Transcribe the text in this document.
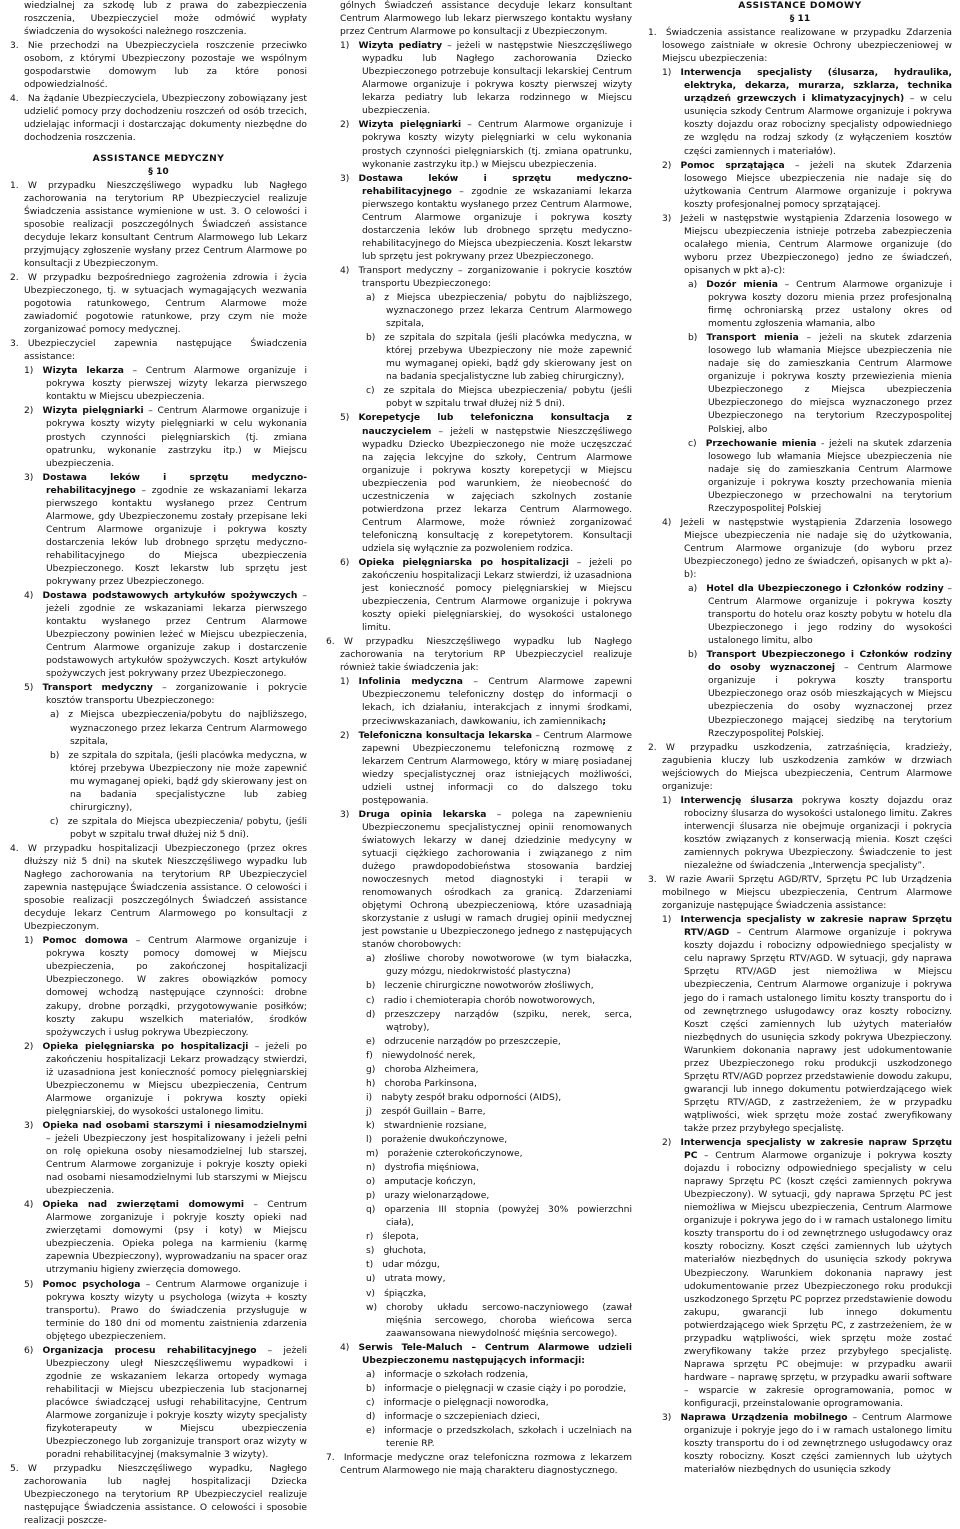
wiedzialnej za szkodę lub z prawa do zabezpieczenia roszczenia, Ubezpieczyciel może odmówić wypłaty świadczenia do wysokości należnego roszczenia.

3. Nie przechodzi na Ubezpieczyciela roszczenie przeciwko osobom, z którymi Ubezpieczony pozostaje we wspólnym gospodarstwie domowym lub za które ponosi odpowiedzialność.

4. Na żądanie Ubezpieczyciela, Ubezpieczony zobowiązany jest udzielić pomocy przy dochodzeniu roszczeń od osób trzecich, udzielając informacji i dostarczając dokumenty niezbędne do dochodzenia roszczenia.

ASSISTANCE MEDYCZNY

§ 10

1. W przypadku Nieszczęśliwego wypadku lub Nagłego zachorowania na terytorium RP Ubezpieczyciel realizuje Świadczenia assistance wymienione w ust. 3. O celowości i sposobie realizacji poszczególnych Świadczeń assistance decyduje lekarz konsultant Centrum Alarmowego lub Lekarz przyjmujący zgłoszenie wysłany przez Centrum Alarmowe po konsultacji z Ubezpieczonym.

2. W przypadku bezpośredniego zagrożenia zdrowia i życia Ubezpieczonego, tj. w sytuacjach wymagających wezwania pogotowia ratunkowego, Centrum Alarmowe może zawiadomić pogotowie ratunkowe, przy czym nie może zorganizować pomocy medycznej.

3. Ubezpieczyciel zapewnia następujące Świadczenia assistance:

1) Wizyta lekarza – Centrum Alarmowe organizuje i pokrywa koszty pierwszej wizyty lekarza pierwszego kontaktu w Miejscu ubezpieczenia.

2) Wizyta pielęgniarki – Centrum Alarmowe organizuje i pokrywa koszty wizyty pielęgniarki w celu wykonania prostych czynności pielęgniarskich (tj. zmiana opatrunku, wykonanie zastrzyku itp.) w Miejscu ubezpieczenia.

3) Dostawa leków i sprzętu medyczno-rehabilitacyjnego – zgodnie ze wskazaniami lekarza pierwszego kontaktu wysłanego przez Centrum Alarmowe, gdy Ubezpieczonemu zostały przepisane leki Centrum Alarmowe organizuje i pokrywa koszty dostarczenia leków lub drobnego sprzętu medyczno-rehabilitacyjnego do Miejsca ubezpieczenia Ubezpieczonego. Koszt lekarstw lub sprzętu jest pokrywany przez Ubezpieczonego.

4) Dostawa podstawowych artykułów spożywczych – jeżeli zgodnie ze wskazaniami lekarza pierwszego kontaktu wysłanego przez Centrum Alarmowe Ubezpieczony powinien leżeć w Miejscu ubezpieczenia, Centrum Alarmowe organizuje zakup i dostarczenie podstawowych artykułów spożywczych. Koszt artykułów spożywczych jest pokrywany przez Ubezpieczonego.

5) Transport medyczny – zorganizowanie i pokrycie kosztów transportu Ubezpieczonego:

a) z Miejsca ubezpieczenia/pobytu do najbliższego, wyznaczonego przez lekarza Centrum Alarmowego szpitala,

b) ze szpitala do szpitala, (jeśli placówka medyczna, w której przebywa Ubezpieczony nie może zapewnić mu wymaganej opieki, bądź gdy skierowany jest on na badania specjalistyczne lub zabieg chirurgiczny),

c) ze szpitala do Miejsca ubezpieczenia/ pobytu, (jeśli pobyt w szpitalu trwał dłużej niż 5 dni).

4. W przypadku hospitalizacji Ubezpieczonego (przez okres dłuższy niż 5 dni) na skutek Nieszczęśliwego wypadku lub Nagłego zachorowania na terytorium RP Ubezpieczyciel zapewnia następujące Świadczenia assistance. O celowości i sposobie realizacji poszczególnych Świadczeń assistance decyduje lekarz Centrum Alarmowego po konsultacji z Ubezpieczonym.

1) Pomoc domowa – Centrum Alarmowe organizuje i pokrywa koszty pomocy domowej w Miejscu ubezpieczenia, po zakończonej hospitalizacji Ubezpieczonego. W zakres obowiązków pomocy domowej wchodzą następujące czynności: drobne zakupy, drobne porządki, przygotowywanie posiłków; koszty zakupu wszelkich materiałów, środków spożywczych i usług pokrywa Ubezpieczony.

2) Opieka pielęgniarska po hospitalizacji – jeżeli po zakończeniu hospitalizacji Lekarz prowadzący stwierdzi, iż uzasadniona jest konieczność pomocy pielęgniarskiej Ubezpieczonemu w Miejscu ubezpieczenia, Centrum Alarmowe organizuje i pokrywa koszty opieki pielęgniarskiej, do wysokości ustalonego limitu.

3) Opieka nad osobami starszymi i niesamodzielnymi – jeżeli Ubezpieczony jest hospitalizowany i jeżeli pełni on rolę opiekuna osoby niesamodzielnej lub starszej, Centrum Alarmowe zorganizuje i pokryje koszty opieki nad osobami niesamodzielnymi lub starszymi w Miejscu ubezpieczenia.

4) Opieka nad zwierzętami domowymi – Centrum Alarmowe zorganizuje i pokryje koszty opieki nad zwierzętami domowymi (psy i koty) w Miejscu ubezpieczenia. Opieka polega na karmieniu (karmę zapewnia Ubezpieczony), wyprowadzaniu na spacer oraz utrzymaniu higieny zwierzęcia domowego.

5) Pomoc psychologa – Centrum Alarmowe organizuje i pokrywa koszty wizyty u psychologa (wizyta + koszty transportu). Prawo do świadczenia przysługuje w terminie do 180 dni od momentu zaistnienia zdarzenia objętego ubezpieczeniem.

6) Organizacja procesu rehabilitacyjnego – jeżeli Ubezpieczony uległ Nieszczęśliwemu wypadkowi i zgodnie ze wskazaniem lekarza ortopedy wymaga rehabilitacji w Miejscu ubezpieczenia lub stacjonarnej placówce świadczącej usługi rehabilitacyjne, Centrum Alarmowe zorganizuje i pokryje koszty wizyty specjalisty fizykoterapeuty w Miejscu ubezpieczenia Ubezpieczonego lub zorganizuje transport oraz wizyty w poradni rehabilitacyjnej (maksymalnie 3 wizyty).

5. W przypadku Nieszczęśliwego wypadku, Nagłego zachorowania lub nagłej hospitalizacji Dziecka Ubezpieczonego na terytorium RP Ubezpieczyciel realizuje następujące Świadczenia assistance. O celowości i sposobie realizacji poszcze-

gólnych Świadczeń assistance decyduje lekarz konsultant Centrum Alarmowego lub lekarz pierwszego kontaktu wysłany przez Centrum Alarmowe po konsultacji z Ubezpieczonym.

1) Wizyta pediatry – jeżeli w następstwie Nieszczęśliwego wypadku lub Nagłego zachorowania Dziecko Ubezpieczonego potrzebuje konsultacji lekarskiej Centrum Alarmowe organizuje i pokrywa koszty pierwszej wizyty lekarza pediatry lub lekarza rodzinnego w Miejscu ubezpieczenia.

2) Wizyta pielęgniarki – Centrum Alarmowe organizuje i pokrywa koszty wizyty pielęgniarki w celu wykonania prostych czynności pielęgniarskich (tj. zmiana opatrunku, wykonanie zastrzyku itp.) w Miejscu ubezpieczenia.

3) Dostawa leków i sprzętu medyczno-rehabilitacyjnego – zgodnie ze wskazaniami lekarza pierwszego kontaktu wysłanego przez Centrum Alarmowe, Centrum Alarmowe organizuje i pokrywa koszty dostarczenia leków lub drobnego sprzętu medyczno-rehabilitacyjnego do Miejsca ubezpieczenia. Koszt lekarstw lub sprzętu jest pokrywany przez Ubezpieczonego.

4) Transport medyczny – zorganizowanie i pokrycie kosztów transportu Ubezpieczonego:

a) z Miejsca ubezpieczenia/ pobytu do najbliższego, wyznaczonego przez lekarza Centrum Alarmowego szpitala,

b) ze szpitala do szpitala (jeśli placówka medyczna, w której przebywa Ubezpieczony nie może zapewnić mu wymaganej opieki, bądź gdy skierowany jest on na badania specjalistyczne lub zabieg chirurgiczny),

c) ze szpitala do Miejsca ubezpieczenia/ pobytu (jeśli pobyt w szpitalu trwał dłużej niż 5 dni).

5) Korepetycje lub telefoniczna konsultacja z nauczycielem – jeżeli w następstwie Nieszczęśliwego wypadku Dziecko Ubezpieczonego nie może uczęszczać na zajęcia lekcyjne do szkoły, Centrum Alarmowe organizuje i pokrywa koszty korepetycji w Miejscu ubezpieczenia pod warunkiem, że nieobecność do uczestniczenia w zajęciach szkolnych zostanie potwierdzona przez lekarza Centrum Alarmowego. Centrum Alarmowe, może również zorganizować telefoniczną konsultację z korepetytorem. Konsultacji udziela się wyłącznie za pozwoleniem rodzica.

6) Opieka pielęgniarska po hospitalizacji – jeżeli po zakończeniu hospitalizacji Lekarz stwierdzi, iż uzasadniona jest konieczność pomocy pielęgniarskiej w Miejscu ubezpieczenia, Centrum Alarmowe organizuje i pokrywa koszty opieki pielęgniarskiej, do wysokości ustalonego limitu.

6. W przypadku Nieszczęśliwego wypadku lub Nagłego zachorowania na terytorium RP Ubezpieczyciel realizuje również takie świadczenia jak:

1) Infolinia medyczna – Centrum Alarmowe zapewni Ubezpieczonemu telefoniczny dostęp do informacji o lekach, ich działaniu, interakcjach z innymi środkami, przeciwwskazaniach, dawkowaniu, ich zamiennikach;

2) Telefoniczna konsultacja lekarska – Centrum Alarmowe zapewni Ubezpieczonemu telefoniczną rozmowę z lekarzem Centrum Alarmowego, który w miarę posiadanej wiedzy specjalistycznej oraz istniejących możliwości, udzieli ustnej informacji co do dalszego toku postępowania.

3) Druga opinia lekarska – polega na zapewnieniu Ubezpieczonemu specjalistycznej opinii renomowanych światowych lekarzy w danej dziedzinie medycyny w sytuacji ciężkiego zachorowania i związanego z nim dużego prawdopodobieństwa stosowania bardziej nowoczesnych metod diagnostyki i terapii w renomowanych ośrodkach za granicą. Zdarzeniami objętymi Ochroną ubezpieczeniową, które uzasadniają skorzystanie z usługi w ramach drugiej opinii medycznej jest powstanie u Ubezpieczonego jednego z następujących stanów chorobowych:

a) złośliwe choroby nowotworowe (w tym białaczka, guzy mózgu, niedokrwistość plastyczna)

b) leczenie chirurgiczne nowotworów złośliwych,

c) radio i chemioterapia chorób nowotworowych,

d) przeszczepy narządów (szpiku, nerek, serca, wątroby),

e) odrzucenie narządów po przeszczepie,

f) niewydolność nerek,

g) choroba Alzheimera,

h) choroba Parkinsona,

i) nabyty zespół braku odporności (AIDS),

j) zespół Guillain – Barre,

k) stwardnienie rozsiane,

l) porażenie dwukończynowe,

m) porażenie czterokończynowe,

n) dystrofia mięśniowa,

o) amputacje kończyn,

p) urazy wielonarządowe,

q) oparzenia III stopnia (powyżej 30% powierzchni ciała),

r) ślepota,

s) głuchota,

t) udar mózgu,

u) utrata mowy,

v) śpiączka,

w) choroby układu sercowo-naczyniowego (zawał mięśnia sercowego, choroba wieńcowa serca zaawansowana niewydolność mięśnia sercowego).

4) Serwis Tele-Maluch – Centrum Alarmowe udzieli Ubezpieczonemu następujących informacji:

a) informacje o szkołach rodzenia,

b) informacje o pielęgnacji w czasie ciąży i po porodzie,

c) informacje o pielęgnacji noworodka,

d) informacje o szczepieniach dzieci,

e) informacje o przedszkolach, szkołach i uczelniach na terenie RP.

7. Informacje medyczne oraz telefoniczna rozmowa z lekarzem Centrum Alarmowego nie mają charakteru diagnostycznego.

ASSISTANCE DOMOWY

§ 11

1. Świadczenia assistance realizowane w przypadku Zdarzenia losowego zaistniałe w okresie Ochrony ubezpieczeniowej w Miejscu ubezpieczenia:

1) Interwencja specjalisty (ślusarza, hydraulika, elektryka, dekarza, murarza, szklarza, technika urządzeń grzewczych i klimatyzacyjnych) – w celu usunięcia szkody Centrum Alarmowe organizuje i pokrywa koszty dojazdu oraz robocizny specjalisty odpowiedniego ze względu na rodzaj szkody (z wyłączeniem kosztów części zamiennych i materiałów).

2) Pomoc sprzątająca – jeżeli na skutek Zdarzenia losowego Miejsce ubezpieczenia nie nadaje się do użytkowania Centrum Alarmowe organizuje i pokrywa koszty profesjonalnej pomocy sprzątającej.

3) Jeżeli w następstwie wystąpienia Zdarzenia losowego w Miejscu ubezpieczenia istnieje potrzeba zabezpieczenia ocalałego mienia, Centrum Alarmowe organizuje (do wyboru przez Ubezpieczonego) jedno ze świadczeń, opisanych w pkt a)-c):

a) Dozór mienia – Centrum Alarmowe organizuje i pokrywa koszty dozoru mienia przez profesjonalną firmę ochroniarską przez ustalony okres od momentu zgłoszenia włamania, albo

b) Transport mienia – jeżeli na skutek zdarzenia losowego lub włamania Miejsce ubezpieczenia nie nadaje się do zamieszkania Centrum Alarmowe organizuje i pokrywa koszty przewiezienia mienia Ubezpieczonego z Miejsca ubezpieczenia Ubezpieczonego do miejsca wyznaczonego przez Ubezpieczonego na terytorium Rzeczypospolitej Polskiej, albo

c) Przechowanie mienia - jeżeli na skutek zdarzenia losowego lub włamania Miejsce ubezpieczenia nie nadaje się do zamieszkania Centrum Alarmowe organizuje i pokrywa koszty przechowania mienia Ubezpieczonego w przechowalni na terytorium Rzeczypospolitej Polskiej

4) Jeżeli w następstwie wystąpienia Zdarzenia losowego Miejsce ubezpieczenia nie nadaje się do użytkowania, Centrum Alarmowe organizuje (do wyboru przez Ubezpieczonego) jedno ze świadczeń, opisanych w pkt a)-b):

a) Hotel dla Ubezpieczonego i Członków rodziny – Centrum Alarmowe organizuje i pokrywa koszty transportu do hotelu oraz koszty pobytu w hotelu dla Ubezpieczonego i jego rodziny do wysokości ustalonego limitu, albo

b) Transport Ubezpieczonego i Członków rodziny do osoby wyznaczonej – Centrum Alarmowe organizuje i pokrywa koszty transportu Ubezpieczonego oraz osób mieszkających w Miejscu ubezpieczenia do osoby wyznaczonej przez Ubezpieczonego mającej siedzibę na terytorium Rzeczypospolitej Polskiej.

2. W przypadku uszkodzenia, zatrzaśnięcia, kradzieży, zagubienia kluczy lub uszkodzenia zamków w drzwiach wejściowych do Miejsca ubezpieczenia, Centrum Alarmowe organizuje:

1) Interwencję ślusarza pokrywa koszty dojazdu oraz robocizny ślusarza do wysokości ustalonego limitu. Zakres interwencji ślusarza nie obejmuje organizacji i pokrycia kosztów związanych z konserwacją mienia. Koszt części zamiennych pokrywa Ubezpieczony. Świadczenie to jest niezależne od świadczenia „Interwencja specjalisty”.

3. W razie Awarii Sprzętu AGD/RTV, Sprzętu PC lub Urządzenia mobilnego w Miejscu ubezpieczenia, Centrum Alarmowe zorganizuje następujące Świadczenia assistance:

1) Interwencja specjalisty w zakresie napraw Sprzętu RTV/AGD – Centrum Alarmowe organizuje i pokrywa koszty dojazdu i robocizny odpowiedniego specjalisty w celu naprawy Sprzętu RTV/AGD. W sytuacji, gdy naprawa Sprzętu RTV/AGD jest niemożliwa w Miejscu ubezpieczenia, Centrum Alarmowe organizuje i pokrywa jego do i ramach ustalonego limitu koszty transportu do i od zewnętrznego usługodawcy oraz koszty robocizny. Koszt części zamiennych lub użytych materiałów niezbędnych do usunięcia szkody pokrywa Ubezpieczony. Warunkiem dokonania naprawy jest udokumentowanie przez Ubezpieczonego roku produkcji uszkodzonego Sprzętu RTV/AGD poprzez przedstawienie dowodu zakupu, gwarancji lub innego dokumentu potwierdzającego wiek Sprzętu RTV/AGD, z zastrzeżeniem, że w przypadku wątpliwości, wiek sprzętu może zostać zweryfikowany także przez przybyłego specjalistę.

2) Interwencja specjalisty w zakresie napraw Sprzętu PC – Centrum Alarmowe organizuje i pokrywa koszty dojazdu i robocizny odpowiedniego specjalisty w celu naprawy Sprzętu PC (koszt części zamiennych pokrywa Ubezpieczony). W sytuacji, gdy naprawa Sprzętu PC jest niemożliwa w Miejscu ubezpieczenia, Centrum Alarmowe organizuje i pokrywa jego do i w ramach ustalonego limitu koszty transportu do i od zewnętrznego usługodawcy oraz koszty robocizny. Koszt części zamiennych lub użytych materiałów niezbędnych do usunięcia szkody pokrywa Ubezpieczony. Warunkiem dokonania naprawy jest udokumentowanie przez Ubezpieczonego roku produkcji uszkodzonego Sprzętu PC poprzez przedstawienie dowodu zakupu, gwarancji lub innego dokumentu potwierdzającego wiek Sprzętu PC, z zastrzeżeniem, że w przypadku wątpliwości, wiek sprzętu może zostać zweryfikowany także przez przybyłego specjalistę. Naprawa sprzętu PC obejmuje: w przypadku awarii hardware – naprawę sprzętu, w przypadku awarii software – wsparcie w zakresie oprogramowania, pomoc w konfiguracji, przeinstalowanie oprogramowania.

3) Naprawa Urządzenia mobilnego – Centrum Alarmowe organizuje i pokryje jego do i w ramach ustalonego limitu koszty transportu do i od zewnętrznego usługodawcy oraz koszty robocizny. Koszt części zamiennych lub użytych materiałów niezbędnych do usunięcia szkody
